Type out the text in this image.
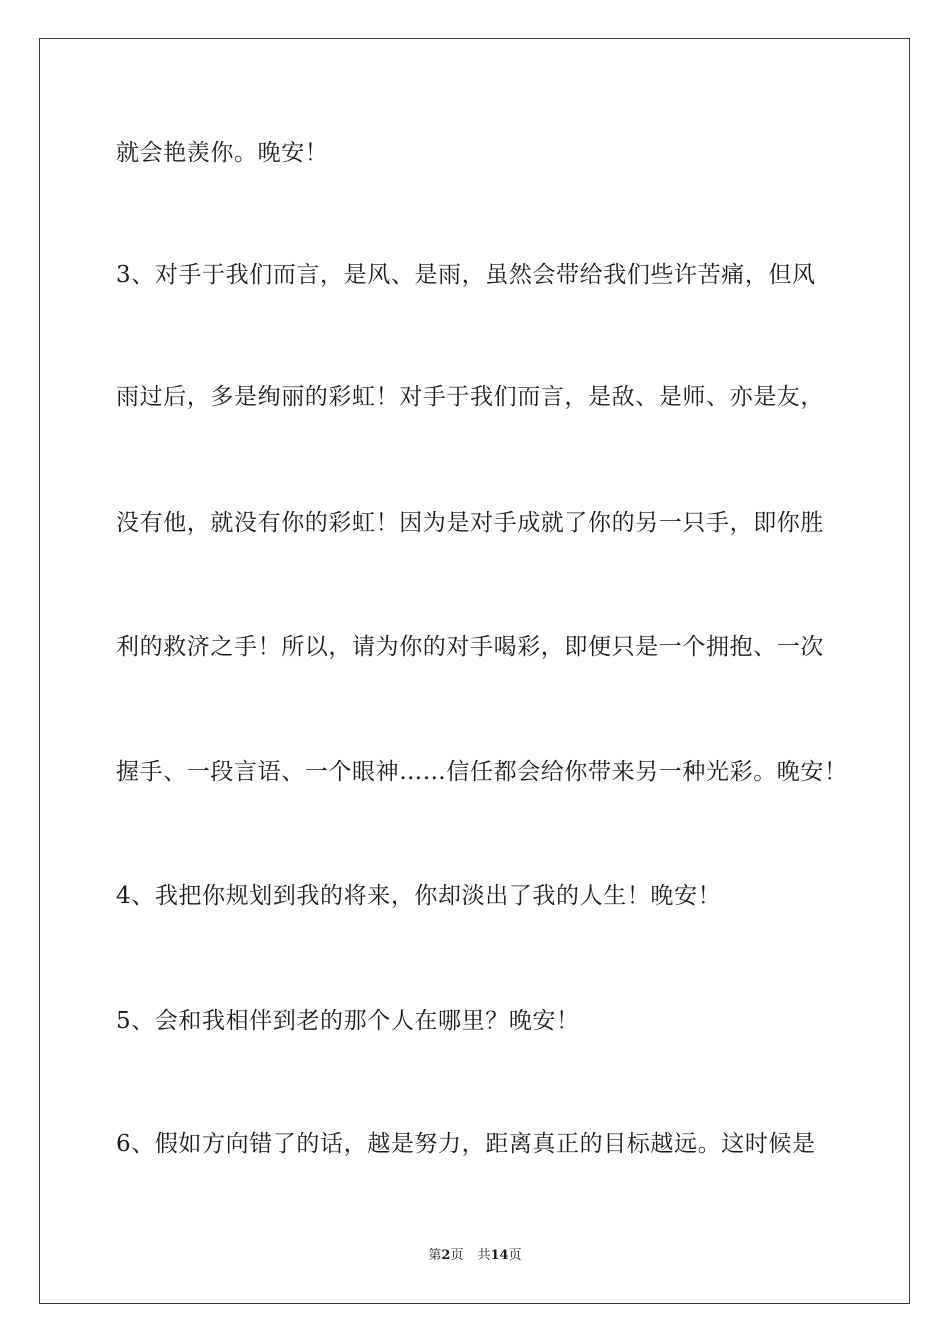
就会艳羡你。晚安！
3、对手于我们而言，是风、是雨，虽然会带给我们些许苦痛，但风
雨过后，多是绚丽的彩虹！对手于我们而言，是敌、是师、亦是友，
没有他，就没有你的彩虹！因为是对手成就了你的另一只手，即你胜
利的救济之手！所以，请为你的对手喝彩，即便只是一个拥抱、一次
握手、一段言语、一个眼神……信任都会给你带来另一种光彩。晚安！
4、我把你规划到我的将来，你却淡出了我的人生！晚安！
5、会和我相伴到老的那个人在哪里？晚安！
6、假如方向错了的话，越是努力，距离真正的目标越远。这时候是
第2页 共14页
